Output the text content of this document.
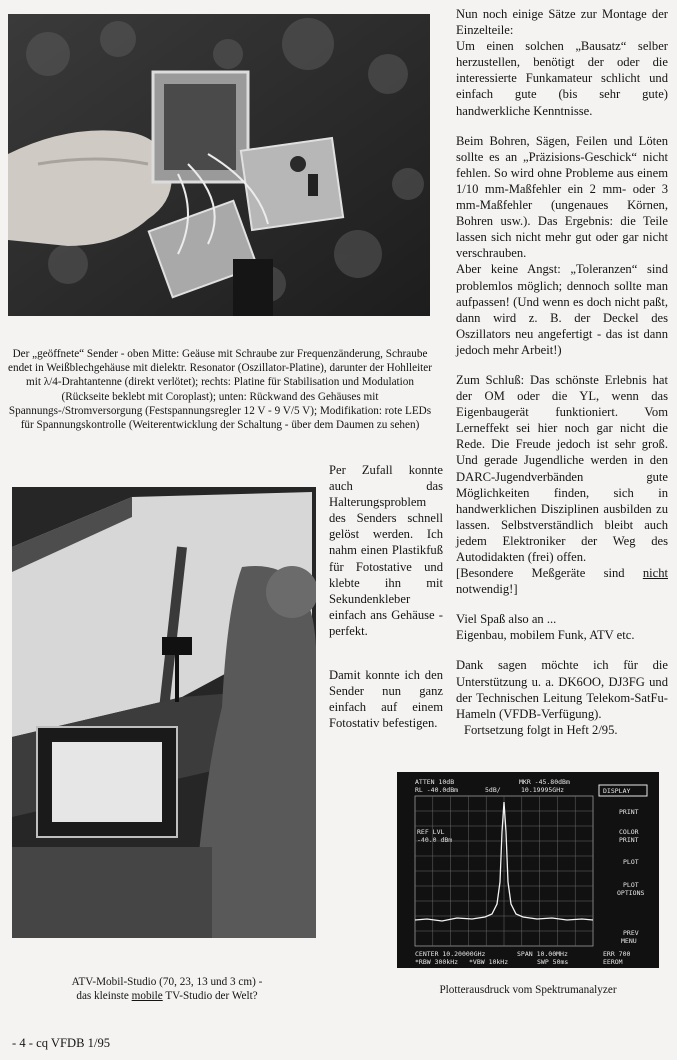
Der „geöffnete“ Sender - oben Mitte: Geäuse mit Schraube zur Frequenzänderung, Schraube endet in Weißblechgehäuse mit dielektr. Resonator (Oszillator-Platine), darunter der Hohlleiter mit λ/4-Drahtantenne (direkt verlötet); rechts: Platine für Stabilisation und Modulation (Rückseite beklebt mit Coroplast); unten: Rückwand des Gehäuses mit Spannungs-/Stromversorgung (Festspannungsregler 12 V - 9 V/5 V); Modifikation: rote LEDs für Spannungskontrolle (Weiterentwicklung der Schaltung - über dem Daumen zu sehen)

ATV-Mobil-Studio (70, 23, 13 und 3 cm) -
das kleinste mobile TV-Studio der Welt?

Per Zufall konnte auch das Halterungsproblem des Senders schnell gelöst werden. Ich nahm einen Plastikfuß für Fotostative und klebte ihn mit Sekundenkleber einfach ans Gehäuse - perfekt.

Damit konnte ich den Sender nun ganz einfach auf einem Fotostativ befestigen.

Nun noch einige Sätze zur Montage der Einzelteile:

Um einen solchen „Bausatz“ selber herzustellen, benötigt der oder die interessierte Funkamateur schlicht und einfach gute (bis sehr gute) handwerkliche Kenntnisse.

Beim Bohren, Sägen, Feilen und Löten sollte es an „Präzisions-Geschick“ nicht fehlen. So wird ohne Probleme aus einem 1/10 mm-Maßfehler ein 2 mm- oder 3 mm-Maßfehler (ungenaues Körnen, Bohren usw.). Das Ergebnis: die Teile lassen sich nicht mehr gut oder gar nicht verschrauben.

Aber keine Angst: „Toleranzen“ sind problemlos möglich; dennoch sollte man aufpassen! (Und wenn es doch nicht paßt, dann wird z. B. der Deckel des Oszillators neu angefertigt - das ist dann jedoch mehr Arbeit!)

Zum Schluß: Das schönste Erlebnis hat der OM oder die YL, wenn das Eigenbaugerät funktioniert. Vom Lerneffekt sei hier noch gar nicht die Rede. Die Freude jedoch ist sehr groß. Und gerade Jugendliche werden in den DARC-Jugendverbänden gute Möglichkeiten finden, sich in handwerklichen Disziplinen ausbilden zu lassen. Selbstverständlich bleibt auch jedem Elektroniker der Weg des Autodidakten (frei) offen.

[Besondere Meßgeräte sind nicht notwendig!]

Viel Spaß also an ...

Eigenbau, mobilem Funk, ATV etc.

Dank sagen möchte ich für die Unterstützung u. a. DK6OO, DJ3FG und der Technischen Leitung Telekom-SatFu-Hameln (VFDB-Verfügung).

Fortsetzung folgt in Heft 2/95.

ATTEN 10dB
RL -40.0dBm	5dB/
MKR -45.80dBm
10.19995GHz
REF LVL
-40.0 dBm
DISPLAY
PRINT
COLOR
PRINT
PLOT
PLOT
OPTIONS
PREV
MENU
CENTER 10.20000GHz	SPAN 10.00MHz	ERR 700
*RBW 300kHz *VBW 10kHz	SWP 50ms	EEROM

Plotterausdruck vom Spektrumanalyzer

- 4 - cq VFDB 1/95
